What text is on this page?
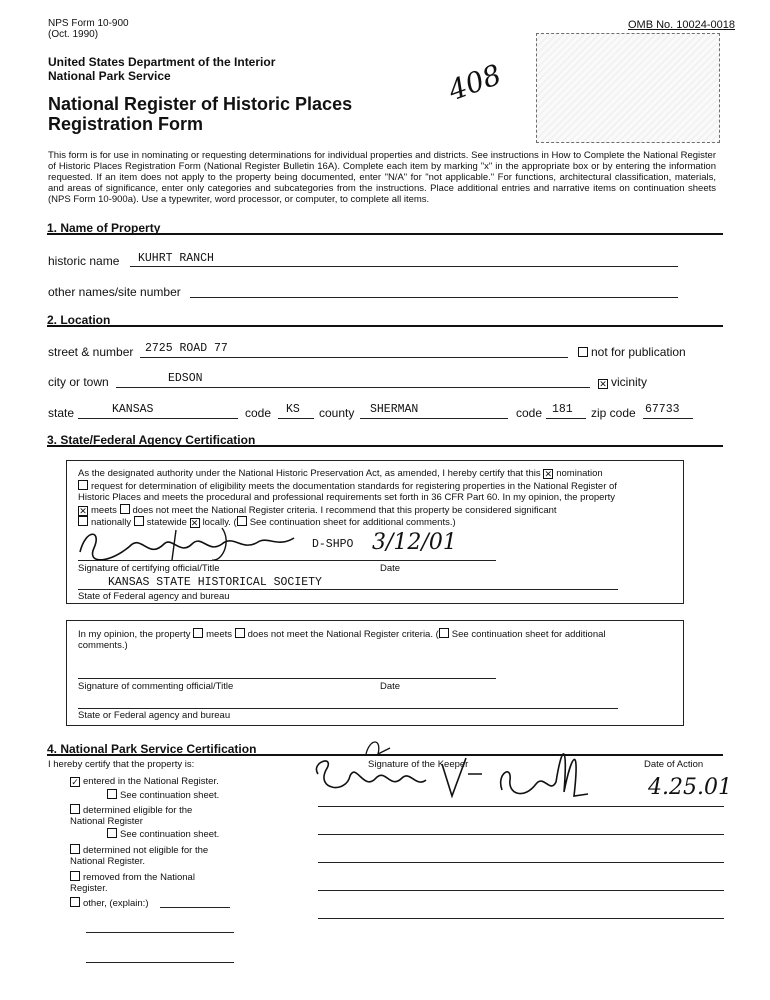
NPS Form 10-900
(Oct. 1990)
OMB No. 10024-0018
United States Department of the Interior
National Park Service
National Register of Historic Places
Registration Form
408
This form is for use in nominating or requesting determinations for individual properties and districts. See instructions in How to Complete the National Register of Historic Places Registration Form (National Register Bulletin 16A). Complete each item by marking "x" in the appropriate box or by entering the information requested. If an item does not apply to the property being documented, enter "N/A" for "not applicable." For functions, architectural classification, materials, and areas of significance, enter only categories and subcategories from the instructions. Place additional entries and narrative items on continuation sheets (NPS Form 10-900a). Use a typewriter, word processor, or computer, to complete all items.
1. Name of Property
historic name KUHRT RANCH
other names/site number
2. Location
street & number 2725 ROAD 77	not for publication
city or town	EDSON	✕ vicinity
state	KANSAS	code KS county SHERMAN	code 181 zip code 67733
3. State/Federal Agency Certification
As the designated authority under the National Historic Preservation Act, as amended, I hereby certify that this ✕ nomination
request for determination of eligibility meets the documentation standards for registering properties in the National Register of
Historic Places and meets the procedural and professional requirements set forth in 36 CFR Part 60. In my opinion, the property
✕ meets does not meet the National Register criteria. I recommend that this property be considered significant
nationally statewide ✕ locally. ( See continuation sheet for additional comments.)
D-SHPO 3/12/01
Signature of certifying official/Title	Date
KANSAS STATE HISTORICAL SOCIETY
State of Federal agency and bureau
In my opinion, the property meets does not meet the National Register criteria. ( See continuation sheet for additional
comments.)
Signature of commenting official/Title	Date
State or Federal agency and bureau
4. National Park Service Certification
I hereby certify that the property is:	Signature of the Keeper	Date of Action
4.25.01
✓ entered in the National Register.
See continuation sheet.
determined eligible for the National Register
See continuation sheet.
determined not eligible for the National Register.
removed from the National Register.
other, (explain:)
